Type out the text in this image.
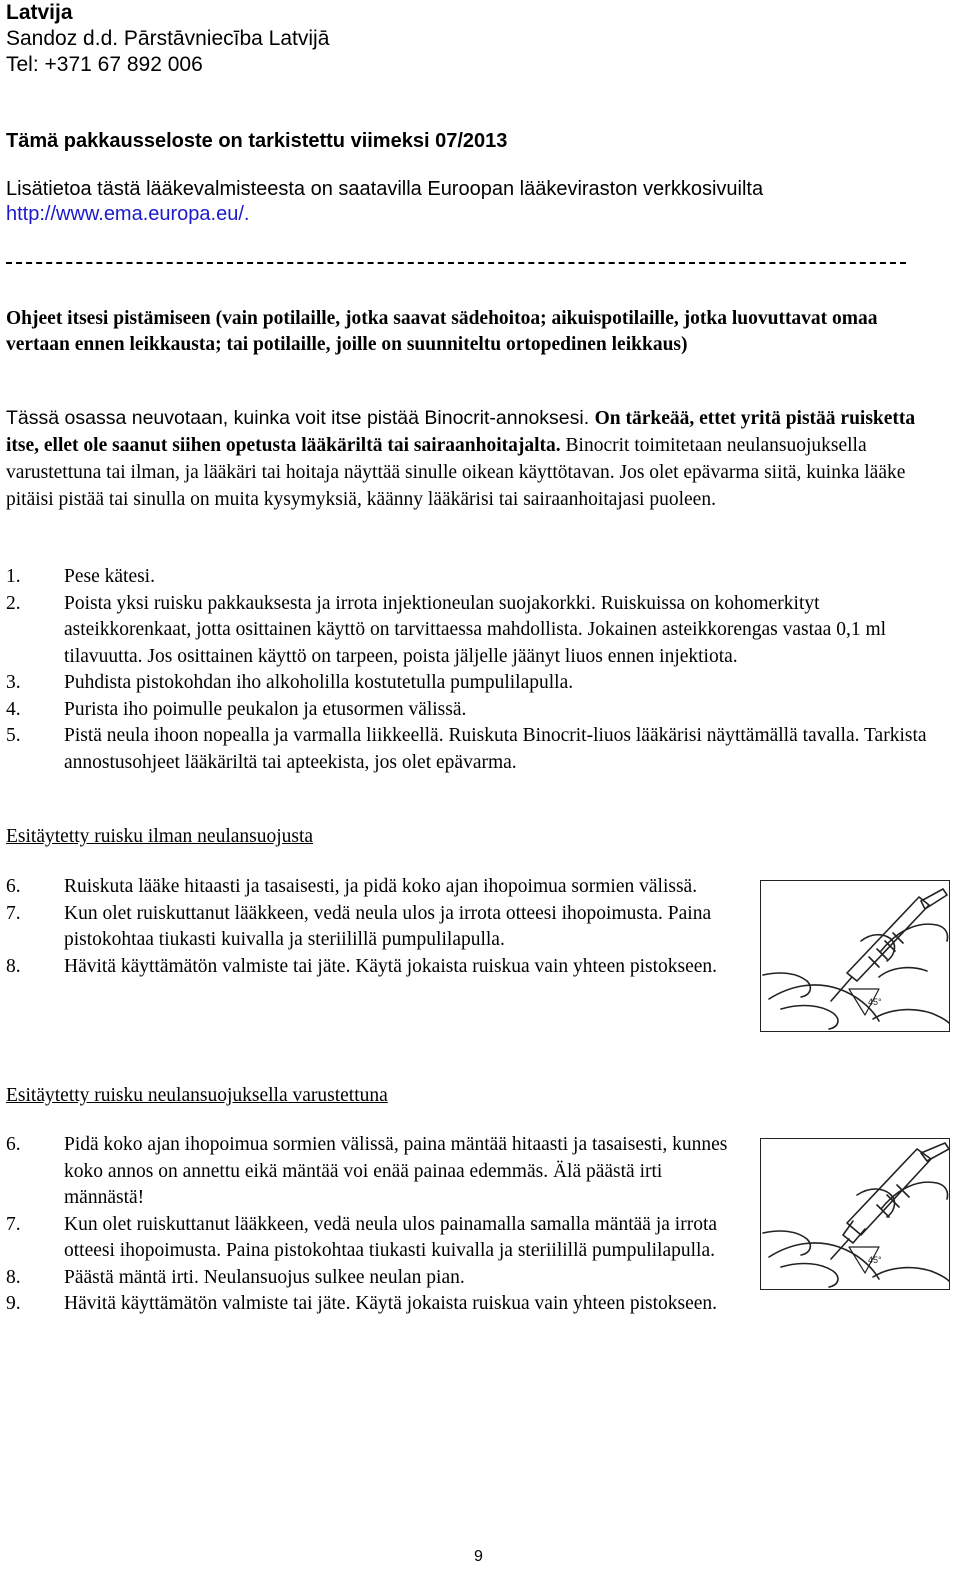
Latvija
Sandoz d.d. Pārstāvniecība Latvijā
Tel: +371 67 892 006
Tämä pakkausseloste on tarkistettu viimeksi 07/2013
Lisätietoa tästä lääkevalmisteesta on saatavilla Euroopan lääkeviraston verkkosivuilta
http://www.ema.europa.eu/.
Ohjeet itsesi pistämiseen (vain potilaille, jotka saavat sädehoitoa; aikuispotilaille, jotka luovuttavat omaa vertaan ennen leikkausta; tai potilaille, joille on suunniteltu ortopedinen leikkaus)
Tässä osassa neuvotaan, kuinka voit itse pistää Binocrit-annoksesi. On tärkeää, ettet yritä pistää ruisketta itse, ellet ole saanut siihen opetusta lääkäriltä tai sairaanhoitajalta. Binocrit toimitetaan neulansuojuksella varustettuna tai ilman, ja lääkäri tai hoitaja näyttää sinulle oikean käyttötavan. Jos olet epävarma siitä, kuinka lääke pitäisi pistää tai sinulla on muita kysymyksiä, käänny lääkärisi tai sairaanhoitajasi puoleen.
1. Pese kätesi.
2. Poista yksi ruisku pakkauksesta ja irrota injektioneulan suojakorkki. Ruiskuissa on kohomerkityt asteikkorenkaat, jotta osittainen käyttö on tarvittaessa mahdollista. Jokainen asteikkorengas vastaa 0,1 ml tilavuutta. Jos osittainen käyttö on tarpeen, poista jäljelle jäänyt liuos ennen injektiota.
3. Puhdista pistokohdan iho alkoholilla kostutetulla pumpulilapulla.
4. Purista iho poimulle peukalon ja etusormen välissä.
5. Pistä neula ihoon nopealla ja varmalla liikkeellä. Ruiskuta Binocrit-liuos lääkärisi näyttämällä tavalla. Tarkista annostusohjeet lääkäriltä tai apteekista, jos olet epävarma.
Esitäytetty ruisku ilman neulansuojusta
6. Ruiskuta lääke hitaasti ja tasaisesti, ja pidä koko ajan ihopoimua sormien välissä.
7. Kun olet ruiskuttanut lääkkeen, vedä neula ulos ja irrota otteesi ihopoimusta. Paina pistokohtaa tiukasti kuivalla ja steriilillä pumpulilapulla.
8. Hävitä käyttämätön valmiste tai jäte. Käytä jokaista ruiskua vain yhteen pistokseen.
45°
Esitäytetty ruisku neulansuojuksella varustettuna
6. Pidä koko ajan ihopoimua sormien välissä, paina mäntää hitaasti ja tasaisesti, kunnes koko annos on annettu eikä mäntää voi enää painaa edemmäs. Älä päästä irti männästä!
7. Kun olet ruiskuttanut lääkkeen, vedä neula ulos painamalla samalla mäntää ja irrota otteesi ihopoimusta. Paina pistokohtaa tiukasti kuivalla ja steriilillä pumpulilapulla.
8. Päästä mäntä irti. Neulansuojus sulkee neulan pian.
9. Hävitä käyttämätön valmiste tai jäte. Käytä jokaista ruiskua vain yhteen pistokseen.
45°
9
